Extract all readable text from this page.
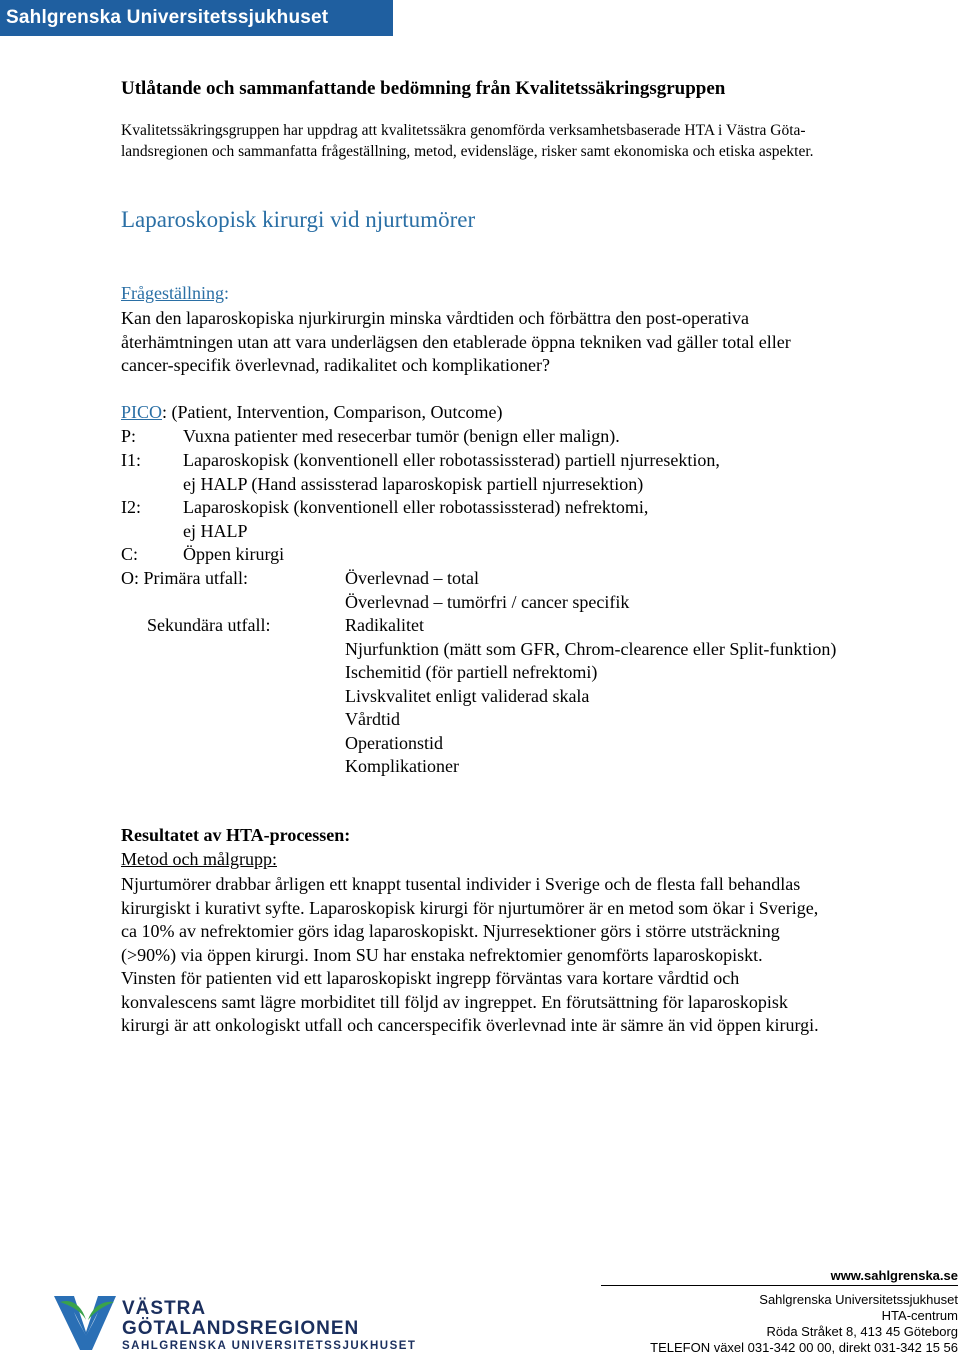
Sahlgrenska Universitetssjukhuset
Utlåtande och sammanfattande bedömning från Kvalitetssäkringsgruppen
Kvalitetssäkringsgruppen har uppdrag att kvalitetssäkra genomförda verksamhetsbaserade HTA i Västra Göta-
landsregionen och sammanfatta frågeställning, metod, evidensläge, risker samt ekonomiska och etiska aspekter.
Laparoskopisk kirurgi vid njurtumörer
Frågeställning:
Kan den laparoskopiska njurkirurgin minska vårdtiden och förbättra den post-operativa
återhämtningen utan att vara underlägsen den etablerade öppna tekniken vad gäller total eller
cancer-specifik överlevnad, radikalitet och komplikationer?
PICO: (Patient, Intervention, Comparison, Outcome)
P:	Vuxna patienter med resecerbar tumör (benign eller malign).
I1: Laparoskopisk (konventionell eller robotassissterad) partiell njurresektion,
ej HALP (Hand assissterad laparoskopisk partiell njurresektion)
I2: Laparoskopisk (konventionell eller robotassissterad) nefrektomi,
ej HALP
C: Öppen kirurgi
O: Primära utfall:	Överlevnad – total
Överlevnad – tumörfri / cancer specifik
Sekundära utfall:	Radikalitet
Njurfunktion (mätt som GFR, Chrom-clearence eller Split-funktion)
Ischemitid (för partiell nefrektomi)
Livskvalitet enligt validerad skala
Vårdtid
Operationstid
Komplikationer
Resultatet av HTA-processen:
Metod och målgrupp:
Njurtumörer drabbar årligen ett knappt tusental individer i Sverige och de flesta fall behandlas
kirurgiskt i kurativt syfte. Laparoskopisk kirurgi för njurtumörer är en metod som ökar i Sverige,
ca 10% av nefrektomier görs idag laparoskopiskt. Njurresektioner görs i större utsträckning
(>90%) via öppen kirurgi. Inom SU har enstaka nefrektomier genomförts laparoskopiskt.
Vinsten för patienten vid ett laparoskopiskt ingrepp förväntas vara kortare vårdtid och
konvalescens samt lägre morbiditet till följd av ingreppet. En förutsättning för laparoskopisk
kirurgi är att onkologiskt utfall och cancerspecifik överlevnad inte är sämre än vid öppen kirurgi.
VÄSTRA
GÖTALANDSREGIONEN
SAHLGRENSKA UNIVERSITETSSJUKHUSET
www.sahlgrenska.se
Sahlgrenska Universitetssjukhuset
HTA-centrum
Röda Stråket 8, 413 45 Göteborg
TELEFON växel 031-342 00 00, direkt 031-342 15 56
